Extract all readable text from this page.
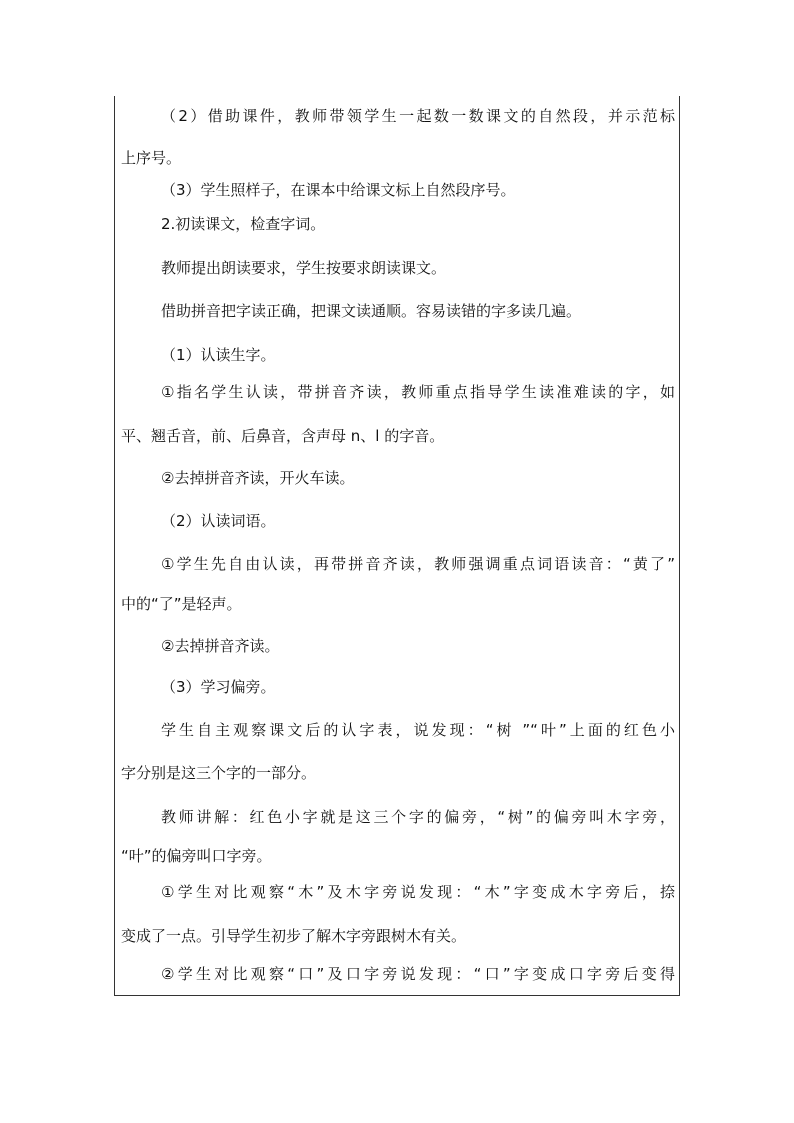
（2）借助课件，教师带领学生一起数一数课文的自然段，并示范标
上序号。
（3）学生照样子，在课本中给课文标上自然段序号。
2.初读课文，检查字词。
教师提出朗读要求，学生按要求朗读课文。
借助拼音把字读正确，把课文读通顺。容易读错的字多读几遍。
（1）认读生字。
①指名学生认读，带拼音齐读，教师重点指导学生读准难读的字，如
平、翘舌音，前、后鼻音，含声母 n、l 的字音。
②去掉拼音齐读，开火车读。
（2）认读词语。
①学生先自由认读，再带拼音齐读，教师强调重点词语读音：“黄了”
中的“了”是轻声。
②去掉拼音齐读。
（3）学习偏旁。
学生自主观察课文后的认字表，说发现：“树 ”“叶”上面的红色小
字分别是这三个字的一部分。
教师讲解：红色小字就是这三个字的偏旁，“树”的偏旁叫木字旁，
“叶”的偏旁叫口字旁。
①学生对比观察“木”及木字旁说发现：“木”字变成木字旁后，捺
变成了一点。引导学生初步了解木字旁跟树木有关。
②学生对比观察“口”及口字旁说发现：“口”字变成口字旁后变得
